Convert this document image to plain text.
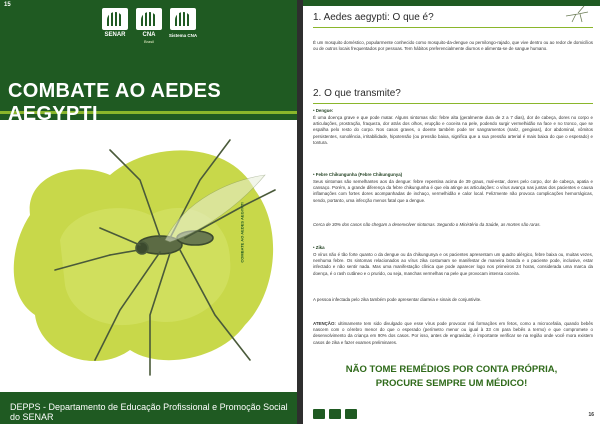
15
SENAR	CNA
Brasil
Sistema CNA
COMBATE AO AEDES AEGYPTI
COMBATE AO AEDES AEGYPTI
DEPPS - Departamento de Educação Profissional e Promoção Social do SENAR
1. Aedes aegypti: O que é?
É um mosquito doméstico, popularmente conhecido como mosquito-da-dengue ou pernilongo-rajado, que vive dentro ou ao redor de domicílios ou de outros locais frequentados por pessoas. Tem hábitos preferencialmente diurnos e alimenta-se de sangue humano.
2. O que transmite?
• Dengue:
É uma doença grave e que pode matar. Alguns sintomas são: febre alta (geralmente dura de 2 a 7 dias), dor de cabeça, dores no corpo e articulações, prostração, fraqueza, dor atrás dos olhos, erupção e coceira na pele, podendo surgir vermelhidão na face e no tronco, que se espalha pelo resto do corpo. Nos casos graves, o doente também pode ter sangramentos (nariz, gengivas), dor abdominal, vômitos persistentes, sonolência, irritabilidade, hipotensão (ou pressão baixa, significa que a sua pressão arterial é mais baixa do que o esperado) e tontura.
• Febre Chikungunha (Febre Chikungunya)
Seus sintomas são semelhantes aos da dengue: febre repentina acima de 39 graus, mal-estar, dores pelo corpo, dor de cabeça, apatia e cansaço. Porém, a grande diferença da febre chikungunha é que ela atinge as articulações: o vírus avança nas juntas dos pacientes e causa inflamações com fortes dores acompanhadas de inchaço, vermelhidão e calor local. Felizmente não provoca complicações hemorrágicas, sendo, portanto, uma infecção menos fatal que a dengue.
Cerca de 30% dos casos não chegam a desenvolver sintomas. Segundo o Ministério da Saúde, as mortes são raras.
• Zika
O vírus não é tão forte quanto o da dengue ou da chikungunya e os pacientes apresentam um quadro alérgico, febre baixa ou, muitas vezes, nenhuma febre. Os sintomas relacionados ao vírus zika costumam se manifestar de maneira branda e o paciente pode, inclusive, estar infectado e não sentir nada. Mas uma manifestação clínica que pode aparecer logo nos primeiros 24 horas, considerada uma marca da doença, é o rash cutâneo e o prurido, ou seja, manchas vermelhas na pele que provocam intensa coceira.
A pessoa infectada pelo zika também pode apresentar diarreia e sinais de conjuntivite.
ATENÇÃO: ultimamente tem sido divulgado que esse vírus pode provocar má formações em fetos, como a microcefalia, quando bebês nascem com o cérebro menor do que o esperado (perímetro menor ou igual à 33 cm para bebês a termo) e que compromete o desenvolvimento da criança em 90% dos casos. Por isso, antes de engravidar, é importante verificar se na região onde você mora existem casos de zika e fazer exames preliminares.
NÃO TOME REMÉDIOS POR CONTA PRÓPRIA,
PROCURE SEMPRE UM MÉDICO!
16
